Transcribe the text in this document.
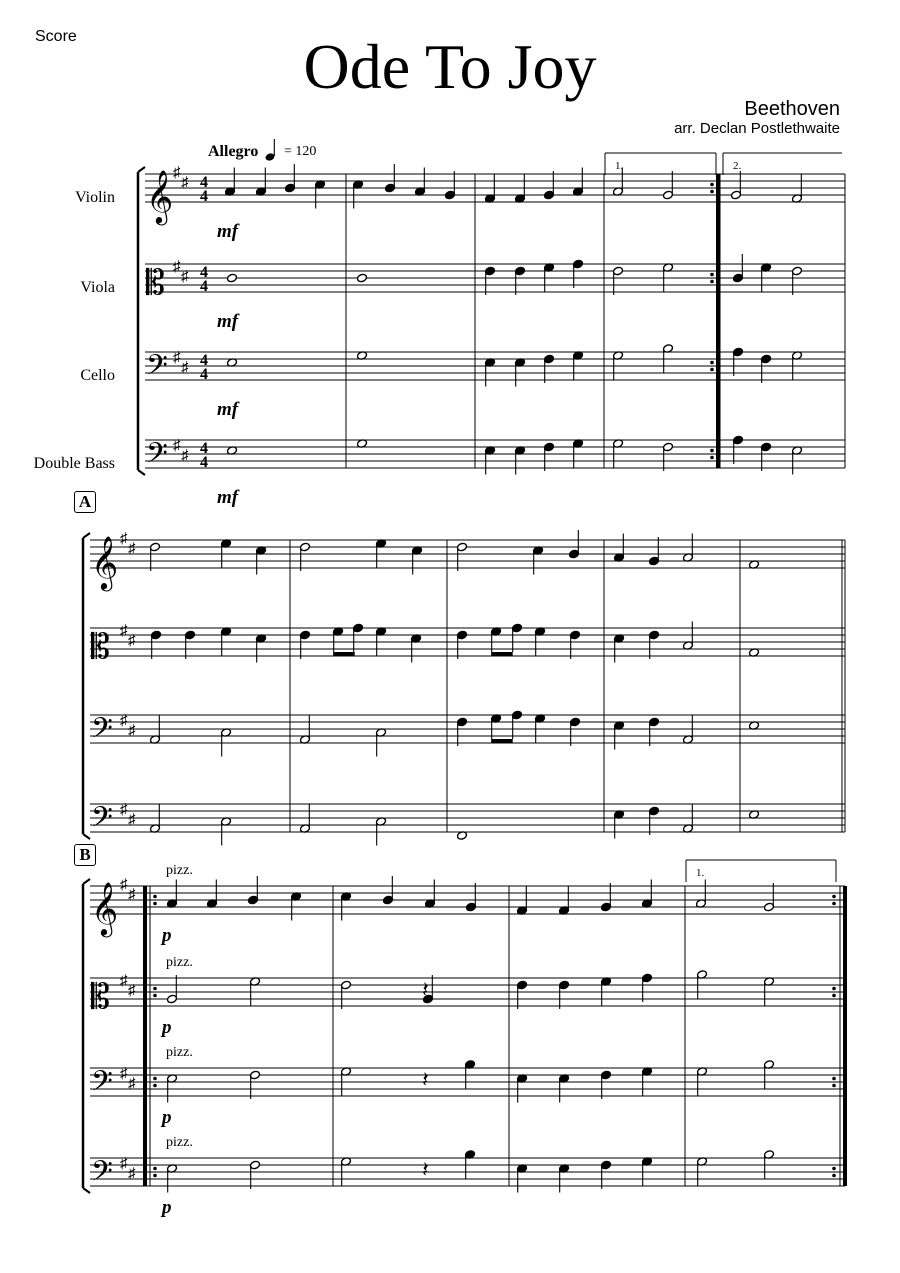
Score	Ode To Joy
Beethoven
arr. Declan Postlethwaite
Allegro = 120
Violin
Viola
Cello
Double Bass
A
B
𝄞
𝄡
𝄢
𝄢
♯
♯
♯
♯
♯
♯
♯
♯
4
4
4
4
4
4
4
4
mf
mf
mf
mf
1.	2.
𝄞
𝄡
𝄢
𝄢
♯
♯
♯
♯
♯
♯
♯
♯
𝄞
𝄡
𝄢
𝄢
♯
♯
♯
♯
♯
♯
♯
♯
𝄽
𝄽
𝄽
pizz.
pizz.
pizz.
pizz.
p
p
p
p
1.
